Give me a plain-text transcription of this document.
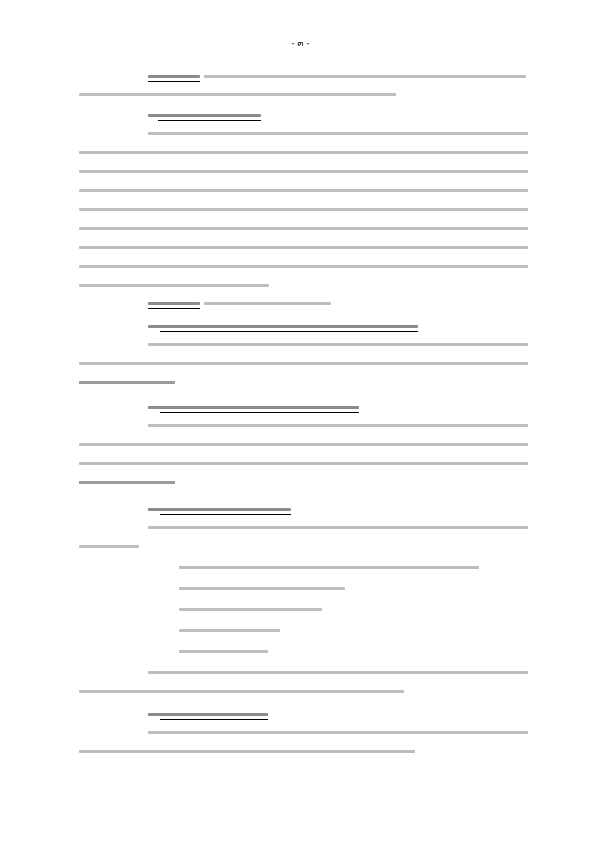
- ๓ -
